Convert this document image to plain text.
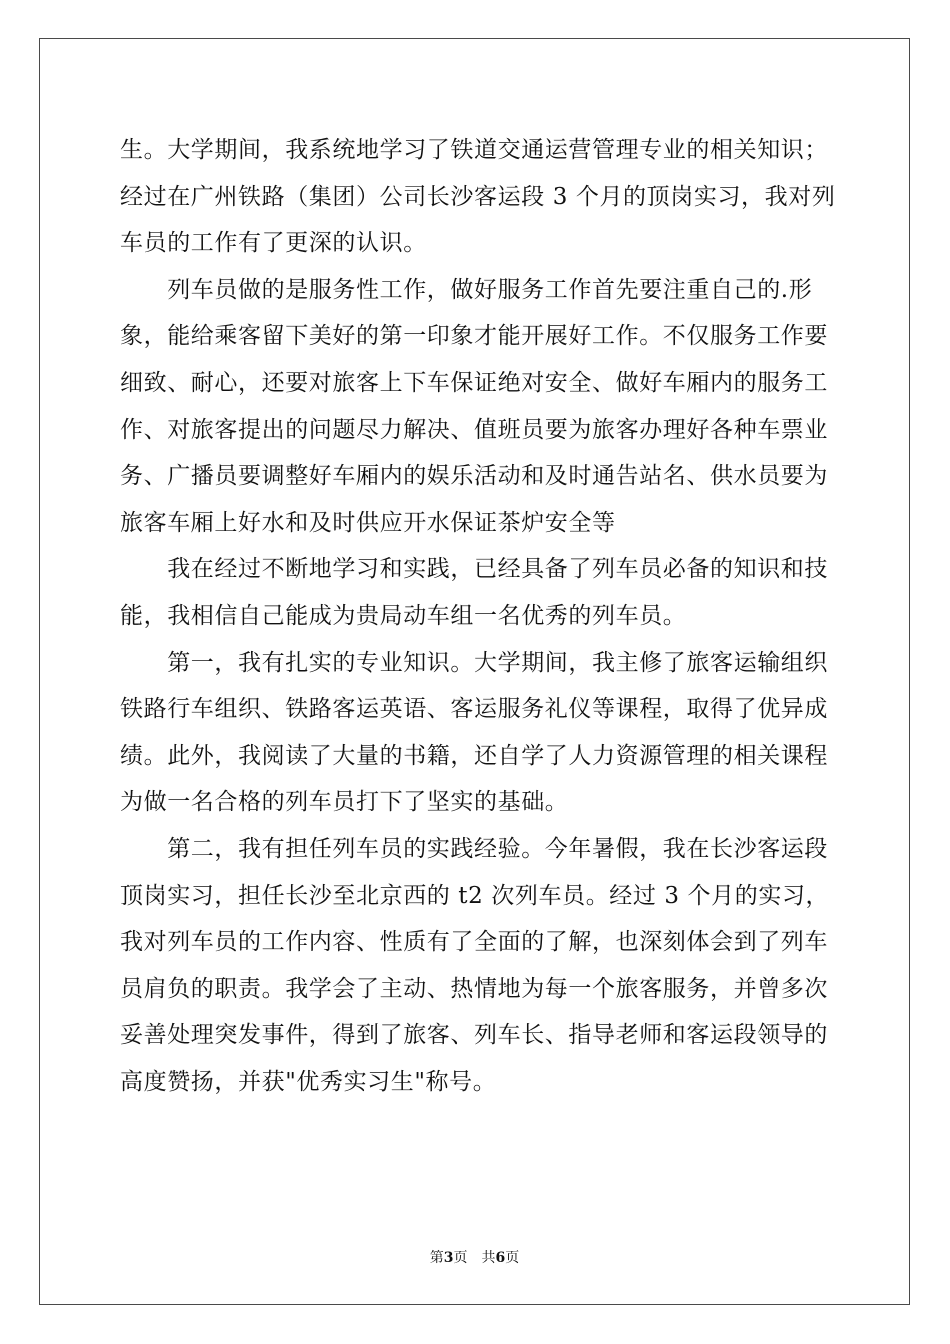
生。大学期间，我系统地学习了铁道交通运营管理专业的相关知识；
经过在广州铁路（集团）公司长沙客运段 3 个月的顶岗实习，我对列
车员的工作有了更深的认识。
　　列车员做的是服务性工作，做好服务工作首先要注重自己的.形
象，能给乘客留下美好的第一印象才能开展好工作。不仅服务工作要
细致、耐心，还要对旅客上下车保证绝对安全、做好车厢内的服务工
作、对旅客提出的问题尽力解决、值班员要为旅客办理好各种车票业
务、广播员要调整好车厢内的娱乐活动和及时通告站名、供水员要为
旅客车厢上好水和及时供应开水保证茶炉安全等
　　我在经过不断地学习和实践，已经具备了列车员必备的知识和技
能，我相信自己能成为贵局动车组一名优秀的列车员。
　　第一，我有扎实的专业知识。大学期间，我主修了旅客运输组织
铁路行车组织、铁路客运英语、客运服务礼仪等课程，取得了优异成
绩。此外，我阅读了大量的书籍，还自学了人力资源管理的相关课程
为做一名合格的列车员打下了坚实的基础。
　　第二，我有担任列车员的实践经验。今年暑假，我在长沙客运段
顶岗实习，担任长沙至北京西的 t2 次列车员。经过 3 个月的实习，
我对列车员的工作内容、性质有了全面的了解，也深刻体会到了列车
员肩负的职责。我学会了主动、热情地为每一个旅客服务，并曾多次
妥善处理突发事件，得到了旅客、列车长、指导老师和客运段领导的
高度赞扬，并获"优秀实习生"称号。
第3页 共6页
